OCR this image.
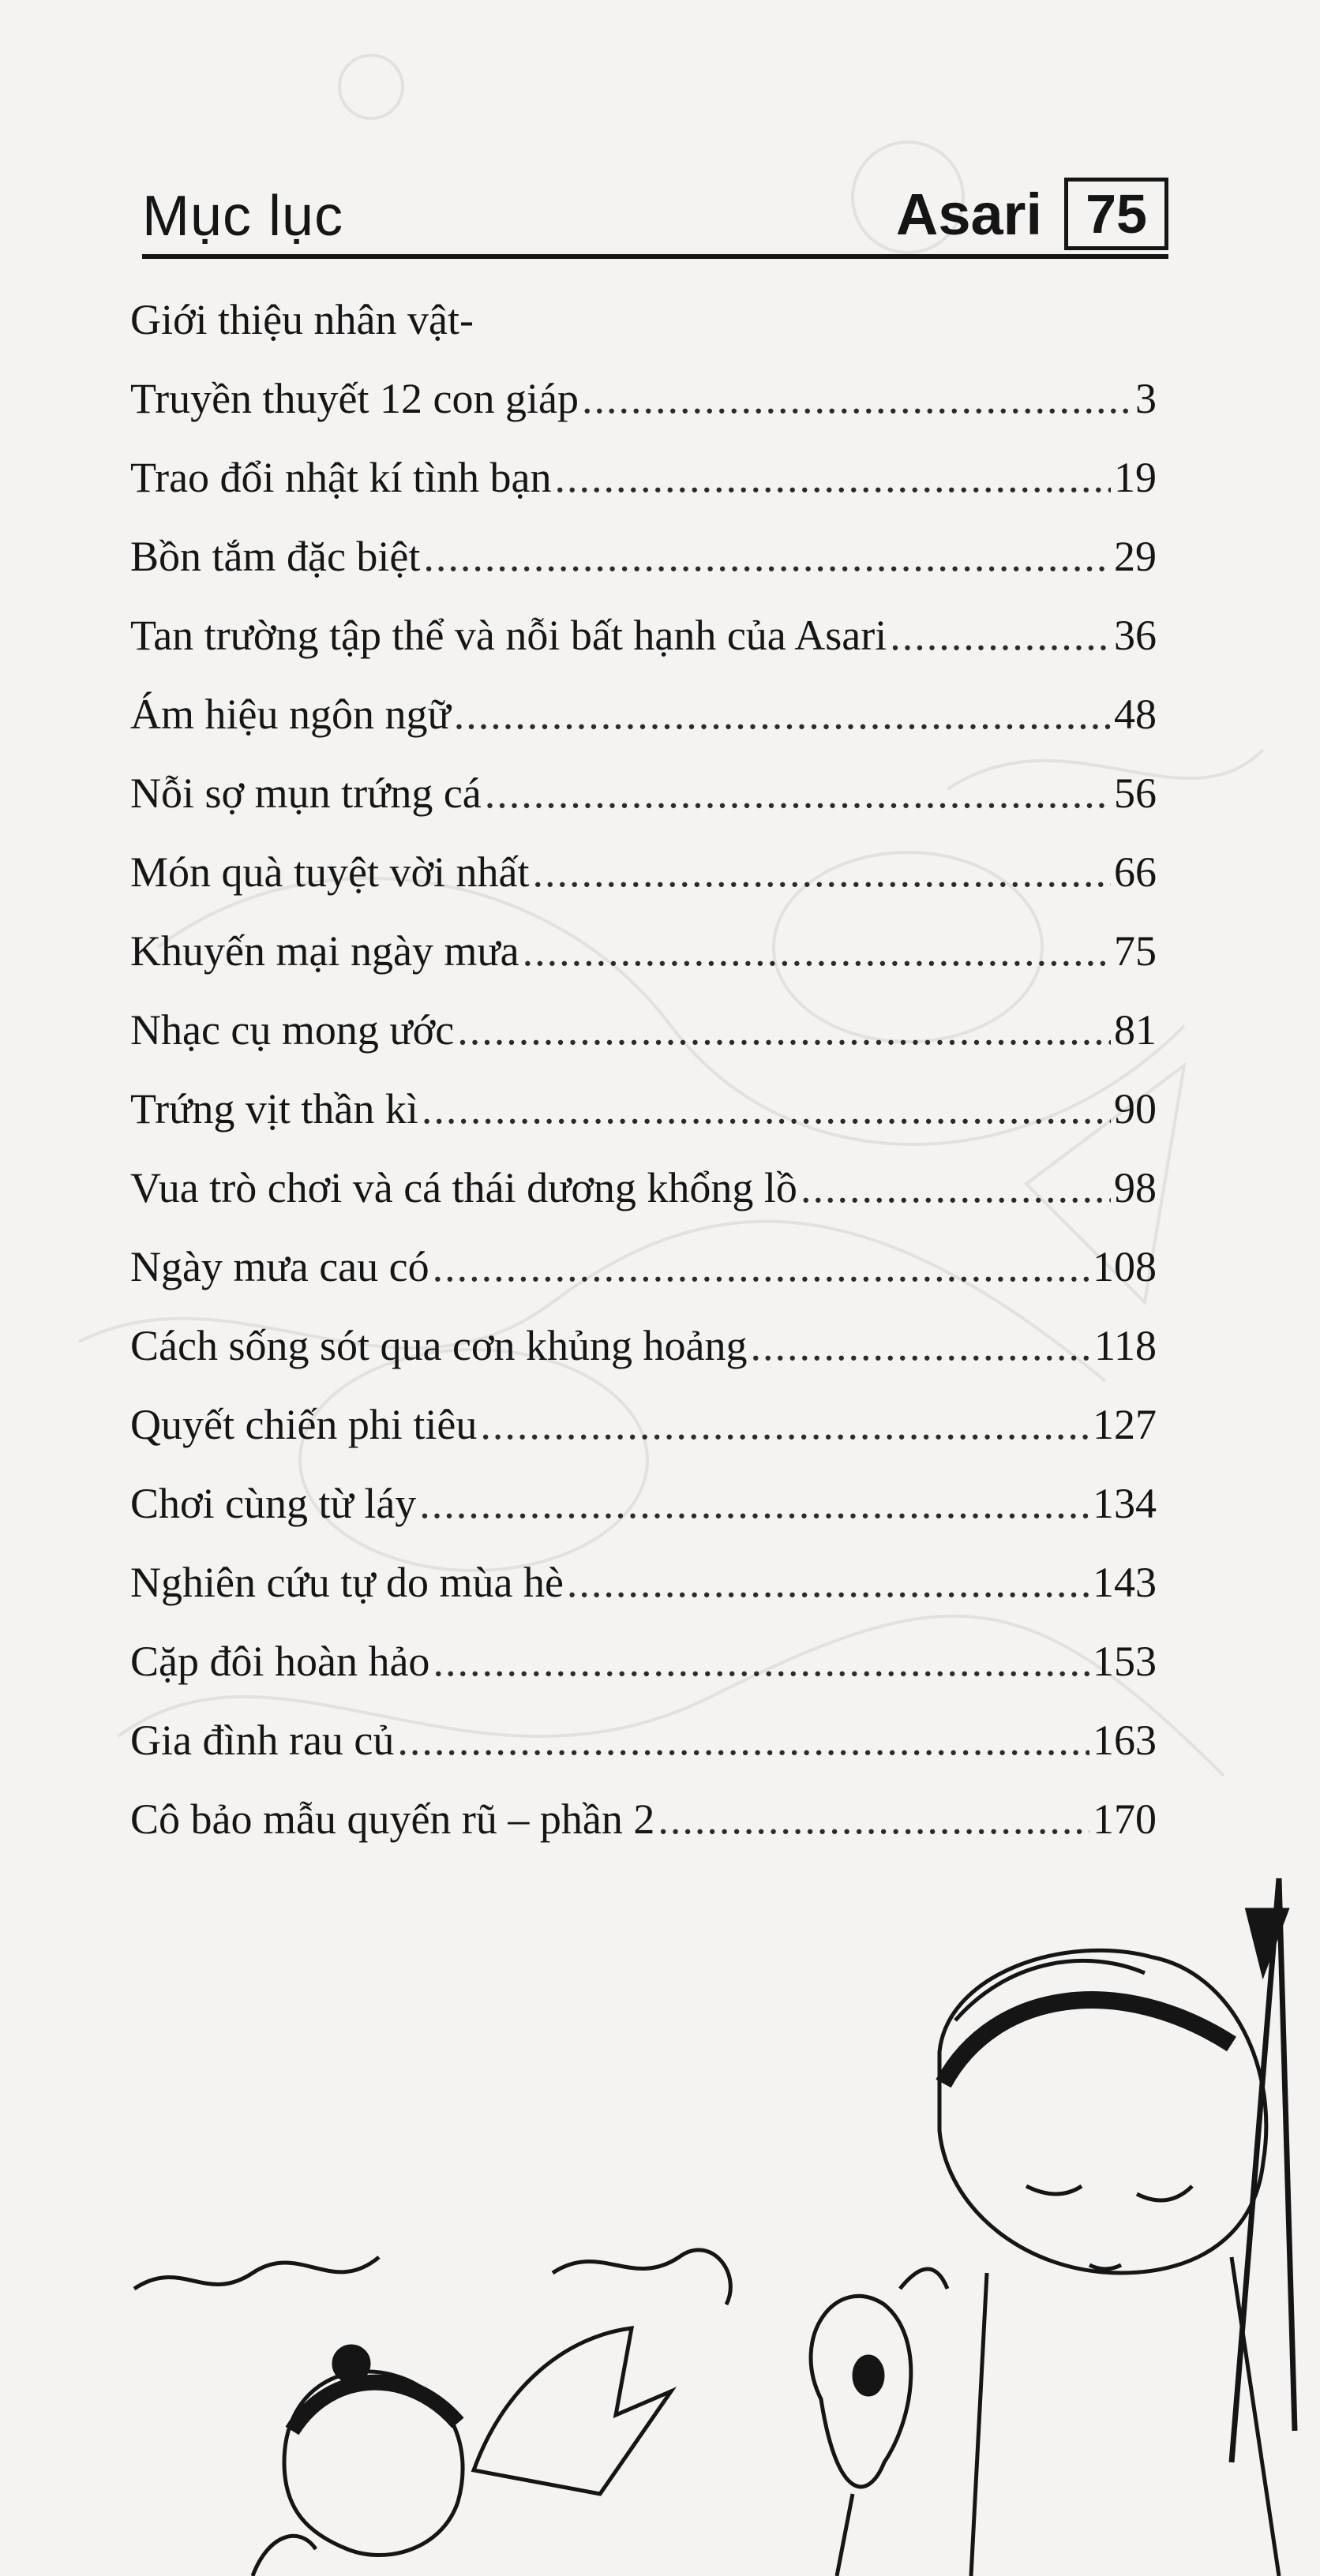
Mục lục	Asari 75
Giới thiệu nhân vật-
Truyền thuyết 12 con giáp .....	3
Trao đổi nhật kí tình bạn .....	19
Bồn tắm đặc biệt .....	29
Tan trường tập thể và nỗi bất hạnh của Asari .....	36
Ám hiệu ngôn ngữ .....	48
Nỗi sợ mụn trứng cá .....	56
Món quà tuyệt vời nhất .....	66
Khuyến mại ngày mưa .....	75
Nhạc cụ mong ước .....	81
Trứng vịt thần kì .....	90
Vua trò chơi và cá thái dương khổng lồ .....	98
Ngày mưa cau có .....	108
Cách sống sót qua cơn khủng hoảng .....	118
Quyết chiến phi tiêu .....	127
Chơi cùng từ láy .....	134
Nghiên cứu tự do mùa hè .....	143
Cặp đôi hoàn hảo .....	153
Gia đình rau củ .....	163
Cô bảo mẫu quyến rũ – phần 2 .....	170
